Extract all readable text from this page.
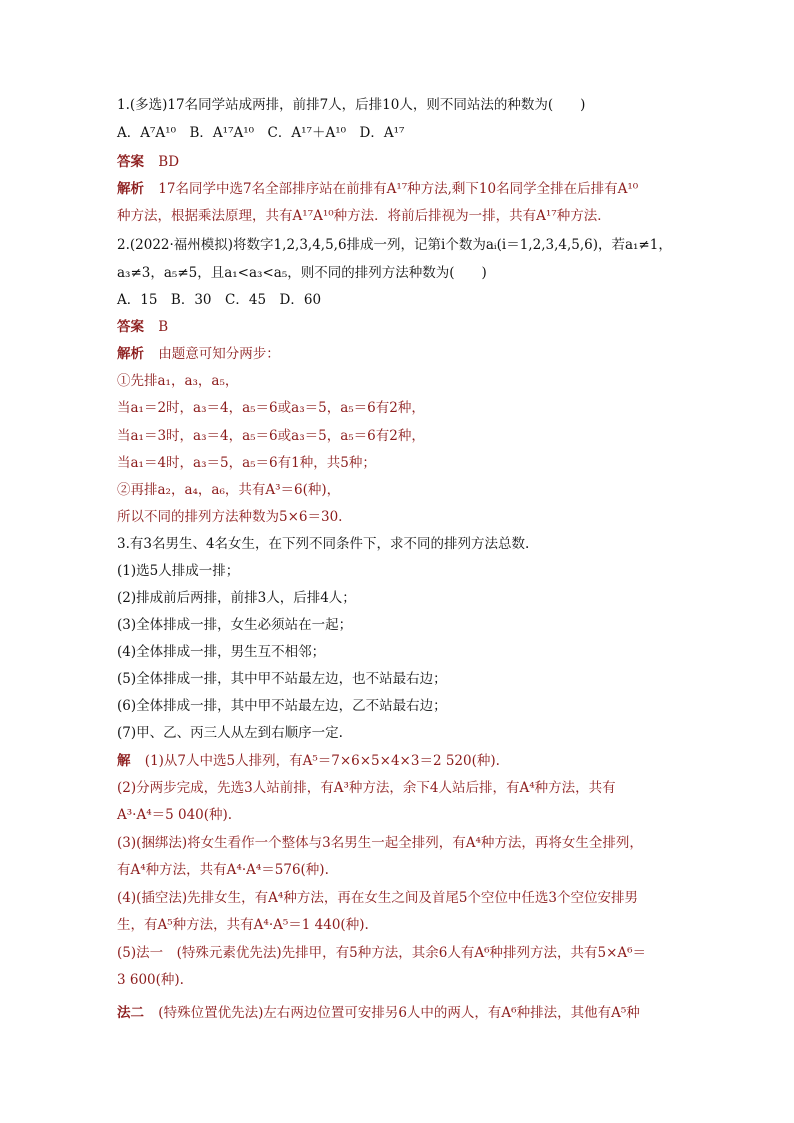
1.(多选)17名同学站成两排，前排7人，后排10人，则不同站法的种数为(　　)
A．A⁷A¹⁰　B．A¹⁷A¹⁰　C．A¹⁷＋A¹⁰　D．A¹⁷
答案 BD
解析 17名同学中选7名全部排序站在前排有A¹⁷种方法,剩下10名同学全排在后排有A¹⁰
种方法，根据乘法原理，共有A¹⁷A¹⁰种方法．将前后排视为一排，共有A¹⁷种方法．
2.(2022·福州模拟)将数字1,2,3,4,5,6排成一列，记第i个数为aᵢ(i＝1,2,3,4,5,6)，若a₁≠1，
a₃≠3，a₅≠5，且a₁<a₃<a₅，则不同的排列方法种数为(　　)
A．15　B．30　C．45　D．60
答案 B
解析 由题意可知分两步：
①先排a₁，a₃，a₅，
当a₁＝2时，a₃＝4，a₅＝6或a₃＝5，a₅＝6有2种，
当a₁＝3时，a₃＝4，a₅＝6或a₃＝5，a₅＝6有2种，
当a₁＝4时，a₃＝5，a₅＝6有1种，共5种；
②再排a₂，a₄，a₆，共有A³＝6(种)，
所以不同的排列方法种数为5×6＝30.
3.有3名男生、4名女生，在下列不同条件下，求不同的排列方法总数.
(1)选5人排成一排；
(2)排成前后两排，前排3人，后排4人；
(3)全体排成一排，女生必须站在一起；
(4)全体排成一排，男生互不相邻；
(5)全体排成一排，其中甲不站最左边，也不站最右边；
(6)全体排成一排，其中甲不站最左边，乙不站最右边；
(7)甲、乙、丙三人从左到右顺序一定.
解 (1)从7人中选5人排列，有A⁵＝7×6×5×4×3＝2 520(种).
(2)分两步完成，先选3人站前排，有A³种方法，余下4人站后排，有A⁴种方法，共有
A³·A⁴＝5 040(种).
(3)(捆绑法)将女生看作一个整体与3名男生一起全排列，有A⁴种方法，再将女生全排列，
有A⁴种方法，共有A⁴·A⁴＝576(种).
(4)(插空法)先排女生，有A⁴种方法，再在女生之间及首尾5个空位中任选3个空位安排男
生，有A⁵种方法，共有A⁴·A⁵＝1 440(种).
(5)法一　(特殊元素优先法)先排甲，有5种方法，其余6人有A⁶种排列方法，共有5×A⁶＝
3 600(种).
法二 (特殊位置优先法)左右两边位置可安排另6人中的两人，有A⁶种排法，其他有A⁵种
